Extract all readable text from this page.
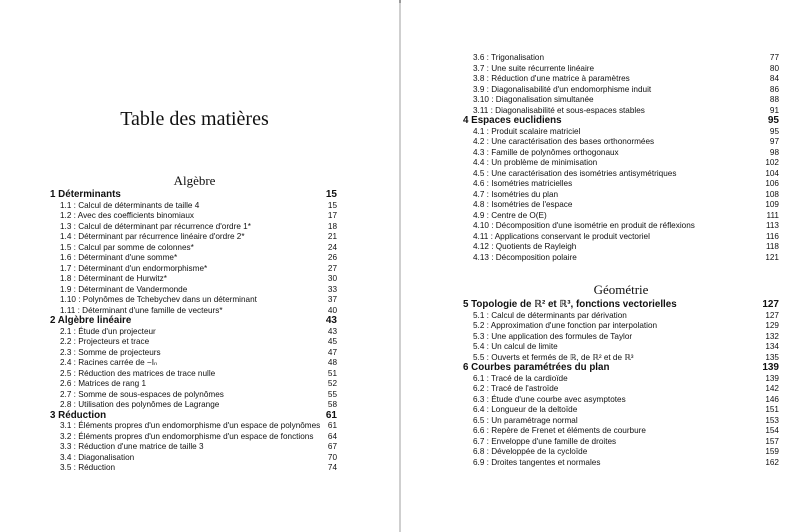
Table des matières
Algèbre
1 Déterminants	15
1.1 : Calcul de déterminants de taille 4	15
1.2 : Avec des coefficients binomiaux	17
1.3 : Calcul de déterminant par récurrence d'ordre 1*	18
1.4 : Déterminant par récurrence linéaire d'ordre 2*	21
1.5 : Calcul par somme de colonnes*	24
1.6 : Déterminant d'une somme*	26
1.7 : Déterminant d'un endormorphisme*	27
1.8 : Déterminant de Hurwitz*	30
1.9 : Déterminant de Vandermonde	33
1.10 : Polynômes de Tchebychev dans un déterminant	37
1.11 : Déterminant d'une famille de vecteurs*	40
2 Algèbre linéaire	43
2.1 : Étude d'un projecteur	43
2.2 : Projecteurs et trace	45
2.3 : Somme de projecteurs	47
2.4 : Racines carrée de −Iₙ	48
2.5 : Réduction des matrices de trace nulle	51
2.6 : Matrices de rang 1	52
2.7 : Somme de sous-espaces de polynômes	55
2.8 : Utilisation des polynômes de Lagrange	58
3 Réduction	61
3.1 : Éléments propres d'un endomorphisme d'un espace de polynômes 61
3.2 : Éléments propres d'un endomorphisme d'un espace de fonctions 64
3.3 : Réduction d'une matrice de taille 3	67
3.4 : Diagonalisation	70
3.5 : Réduction	74
3.6 : Trigonalisation	77
3.7 : Une suite récurrente linéaire	80
3.8 : Réduction d'une matrice à paramètres	84
3.9 : Diagonalisabilité d'un endomorphisme induit	86
3.10 : Diagonalisation simultanée	88
3.11 : Diagonalisabilité et sous-espaces stables	91
4 Espaces euclidiens	95
4.1 : Produit scalaire matriciel	95
4.2 : Une caractérisation des bases orthonormées	97
4.3 : Famille de polynômes orthogonaux	98
4.4 : Un problème de minimisation	102
4.5 : Une caractérisation des isométries antisymétriques	104
4.6 : Isométries matricielles	106
4.7 : Isométries du plan	108
4.8 : Isométries de l'espace	109
4.9 : Centre de O(E)	111
4.10 : Décomposition d'une isométrie en produit de réflexions	113
4.11 : Applications conservant le produit vectoriel	116
4.12 : Quotients de Rayleigh	118
4.13 : Décomposition polaire	121
Géométrie
5 Topologie de ℝ² et ℝ³, fonctions vectorielles	127
5.1 : Calcul de déterminants par dérivation	127
5.2 : Approximation d'une fonction par interpolation	129
5.3 : Une application des formules de Taylor	132
5.4 : Un calcul de limite	134
5.5 : Ouverts et fermés de ℝ, de ℝ² et de ℝ³	135
6 Courbes paramétrées du plan	139
6.1 : Tracé de la cardioïde	139
6.2 : Tracé de l'astroïde	142
6.3 : Étude d'une courbe avec asymptotes	146
6.4 : Longueur de la deltoïde	151
6.5 : Un paramétrage normal	153
6.6 : Repère de Frenet et éléments de courbure	154
6.7 : Enveloppe d'une famille de droites	157
6.8 : Développée de la cycloïde	159
6.9 : Droites tangentes et normales	162
